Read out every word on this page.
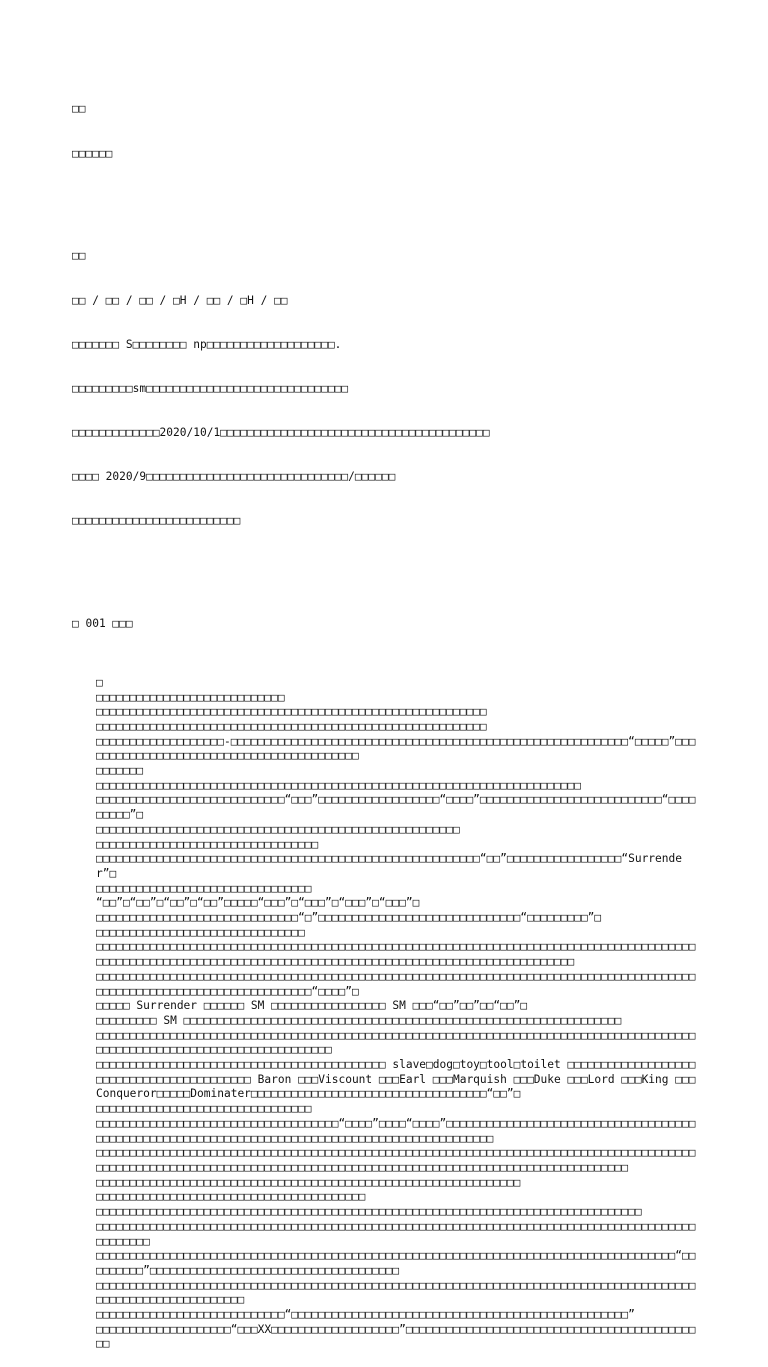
□□

□□□□□□

□□

□□ / □□ / □□ / □H / □□ / □H / □□

□□□□□□□ S□□□□□□□□ np□□□□□□□□□□□□□□□□□□□.

□□□□□□□□□sm□□□□□□□□□□□□□□□□□□□□□□□□□□□□□□

□□□□□□□□□□□□□2020/10/1□□□□□□□□□□□□□□□□□□□□□□□□□□□□□□□□□□□□□□□□

□□□□ 2020/9□□□□□□□□□□□□□□□□□□□□□□□□□□□□□□/□□□□□□

□□□□□□□□□□□□□□□□□□□□□□□□□

□ 001 □□□

□
□□□□□□□□□□□□□□□□□□□□□□□□□□□□
□□□□□□□□□□□□□□□□□□□□□□□□□□□□□□□□□□□□□□□□□□□□□□□□□□□□□□□□□□
□□□□□□□□□□□□□□□□□□□□□□□□□□□□□□□□□□□□□□□□□□□□□□□□□□□□□□□□□□
□□□□□□□□□□□□□□□□□□□-□□□□□□□□□□□□□□□□□□□□□□□□□□□□□□□□□□□□□□□□□□□□□□□□□□□□□□□□□□□“□□□□□”□□□□□□□□□□□□□□□□□□□□□□□□□□□□□□□□□□□□□□□□□□
□□□□□□□
□□□□□□□□□□□□□□□□□□□□□□□□□□□□□□□□□□□□□□□□□□□□□□□□□□□□□□□□□□□□□□□□□□□□□□□□
□□□□□□□□□□□□□□□□□□□□□□□□□□□□“□□□”□□□□□□□□□□□□□□□□□□“□□□□”□□□□□□□□□□□□□□□□□□□□□□□□□□□“□□□□□□□□□”□
□□□□□□□□□□□□□□□□□□□□□□□□□□□□□□□□□□□□□□□□□□□□□□□□□□□□□□
□□□□□□□□□□□□□□□□□□□□□□□□□□□□□□□□□
□□□□□□□□□□□□□□□□□□□□□□□□□□□□□□□□□□□□□□□□□□□□□□□□□□□□□□□□□“□□”□□□□□□□□□□□□□□□□□“Surrender”□
□□□□□□□□□□□□□□□□□□□□□□□□□□□□□□□□
“□□”□“□□”□“□□”□“□□”□□□□□“□□□”□“□□□”□“□□□”□“□□□”□
□□□□□□□□□□□□□□□□□□□□□□□□□□□□□□“□”□□□□□□□□□□□□□□□□□□□□□□□□□□□□□□“□□□□□□□□□”□
□□□□□□□□□□□□□□□□□□□□□□□□□□□□□□□
□□□□□□□□□□□□□□□□□□□□□□□□□□□□□□□□□□□□□□□□□□□□□□□□□□□□□□□□□□□□□□□□□□□□□□□□□□□□□□□□□□□□□□□□□□□□□□□□□□□□□□□□□□□□□□□□□□□□□□□□□□□□□□□□□□□□□□□□□□□□□□□□□□□□□□□□□□□□□□□□
□□□□□□□□□□□□□□□□□□□□□□□□□□□□□□□□□□□□□□□□□□□□□□□□□□□□□□□□□□□□□□□□□□□□□□□□□□□□□□□□□□□□□□□□□□□□□□□□□□□□□□□□□□□□□□□□□□□□□□□□□“□□□□”□
□□□□□ Surrender □□□□□□ SM □□□□□□□□□□□□□□□□□ SM □□□“□□”□□”□□“□□”□
□□□□□□□□□ SM □□□□□□□□□□□□□□□□□□□□□□□□□□□□□□□□□□□□□□□□□□□□□□□□□□□□□□□□□□□□□□□□□
□□□□□□□□□□□□□□□□□□□□□□□□□□□□□□□□□□□□□□□□□□□□□□□□□□□□□□□□□□□□□□□□□□□□□□□□□□□□□□□□□□□□□□□□□□□□□□□□□□□□□□□□□□□□□□□□□□□□□□□□□□□□
□□□□□□□□□□□□□□□□□□□□□□□□□□□□□□□□□□□□□□□□□□□ slave□dog□toy□tool□toilet □□□□□□□□□□□□□□□□□□□□□□□□□□□□□□□□□□□□□□□□□□ Baron □□□Viscount □□□Earl □□□Marquish □□□Duke □□□Lord □□□King □□□Conqueror□□□□□Dominater□□□□□□□□□□□□□□□□□□□□□□□□□□□□□□□□□□□“□□”□
□□□□□□□□□□□□□□□□□□□□□□□□□□□□□□□□
□□□□□□□□□□□□□□□□□□□□□□□□□□□□□□□□□□□□“□□□□”□□□□“□□□□”□□□□□□□□□□□□□□□□□□□□□□□□□□□□□□□□□□□□□□□□□□□□□□□□□□□□□□□□□□□□□□□□□□□□□□□□□□□□□□□□□□□□□□□□□□□□□□□□
□□□□□□□□□□□□□□□□□□□□□□□□□□□□□□□□□□□□□□□□□□□□□□□□□□□□□□□□□□□□□□□□□□□□□□□□□□□□□□□□□□□□□□□□□□□□□□□□□□□□□□□□□□□□□□□□□□□□□□□□□□□□□□□□□□□□□□□□□□□□□□□□□□□□□□□□□□□□□□□□□□□□□□□□
□□□□□□□□□□□□□□□□□□□□□□□□□□□□□□□□□□□□□□□□□□□□□□□□□□□□□□□□□□□□□□□
□□□□□□□□□□□□□□□□□□□□□□□□□□□□□□□□□□□□□□□□
□□□□□□□□□□□□□□□□□□□□□□□□□□□□□□□□□□□□□□□□□□□□□□□□□□□□□□□□□□□□□□□□□□□□□□□□□□□□□□□□□
□□□□□□□□□□□□□□□□□□□□□□□□□□□□□□□□□□□□□□□□□□□□□□□□□□□□□□□□□□□□□□□□□□□□□□□□□□□□□□□□□□□□□□□□□□□□□□□□□
□□□□□□□□□□□□□□□□□□□□□□□□□□□□□□□□□□□□□□□□□□□□□□□□□□□□□□□□□□□□□□□□□□□□□□□□□□□□□□□□□□□□□□“□□□□□□□□□”□□□□□□□□□□□□□□□□□□□□□□□□□□□□□□□□□□□□□
□□□□□□□□□□□□□□□□□□□□□□□□□□□□□□□□□□□□□□□□□□□□□□□□□□□□□□□□□□□□□□□□□□□□□□□□□□□□□□□□□□□□□□□□□□□□□□□□□□□□□□□□□□□□□□□
□□□□□□□□□□□□□□□□□□□□□□□□□□□□“□□□□□□□□□□□□□□□□□□□□□□□□□□□□□□□□□□□□□□□□□□□□□□□□□□”
□□□□□□□□□□□□□□□□□□□□“□□□XX□□□□□□□□□□□□□□□□□□□”□□□□□□□□□□□□□□□□□□□□□□□□□□□□□□□□□□□□□□□□□□□□□
